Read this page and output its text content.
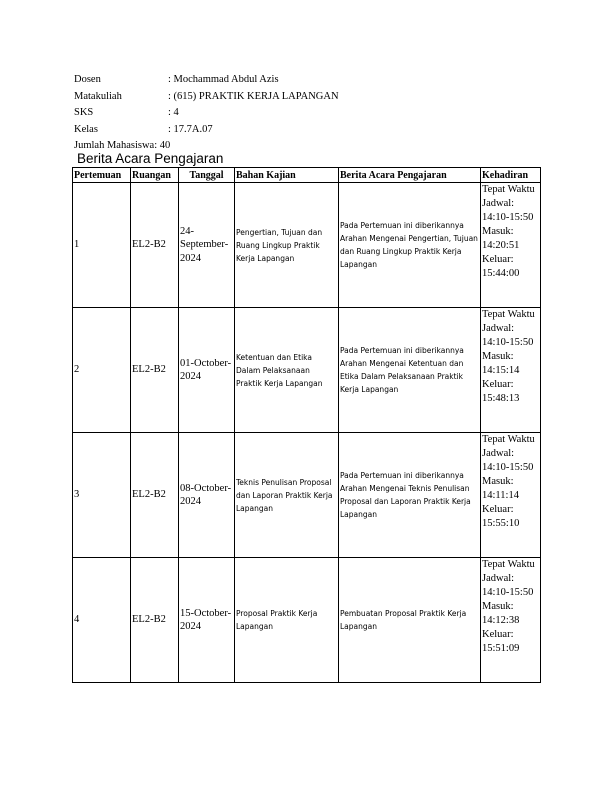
Dosen	: Mochammad Abdul Azis
Matakuliah	: (615) PRAKTIK KERJA LAPANGAN
SKS	: 4
Kelas	: 17.7A.07
Jumlah Mahasiswa : 40
Berita Acara Pengajaran
Pertemuan	Ruangan	Tanggal	Bahan Kajian	Berita Acara Pengajaran	Kehadiran
1	EL2-B2	24-September-2024	Pengertian, Tujuan dan Ruang Lingkup Praktik Kerja Lapangan	Pada Pertemuan ini diberikannya Arahan Mengenai Pengertian, Tujuan dan Ruang Lingkup Praktik Kerja Lapangan	Tepat Waktu Jadwal: 14:10-15:50 Masuk: 14:20:51 Keluar: 15:44:00
2	EL2-B2	01-October-2024	Ketentuan dan Etika Dalam Pelaksanaan Praktik Kerja Lapangan	Pada Pertemuan ini diberikannya Arahan Mengenai Ketentuan dan Etika Dalam Pelaksanaan Praktik Kerja Lapangan	Tepat Waktu Jadwal: 14:10-15:50 Masuk: 14:15:14 Keluar: 15:48:13
3	EL2-B2	08-October-2024	Teknis Penulisan Proposal dan Laporan Praktik Kerja Lapangan	Pada Pertemuan ini diberikannya Arahan Mengenai Teknis Penulisan Proposal dan Laporan Praktik Kerja Lapangan	Tepat Waktu Jadwal: 14:10-15:50 Masuk: 14:11:14 Keluar: 15:55:10
4	EL2-B2	15-October-2024	Proposal Praktik Kerja Lapangan	Pembuatan Proposal Praktik Kerja Lapangan	Tepat Waktu Jadwal: 14:10-15:50 Masuk: 14:12:38 Keluar: 15:51:09
